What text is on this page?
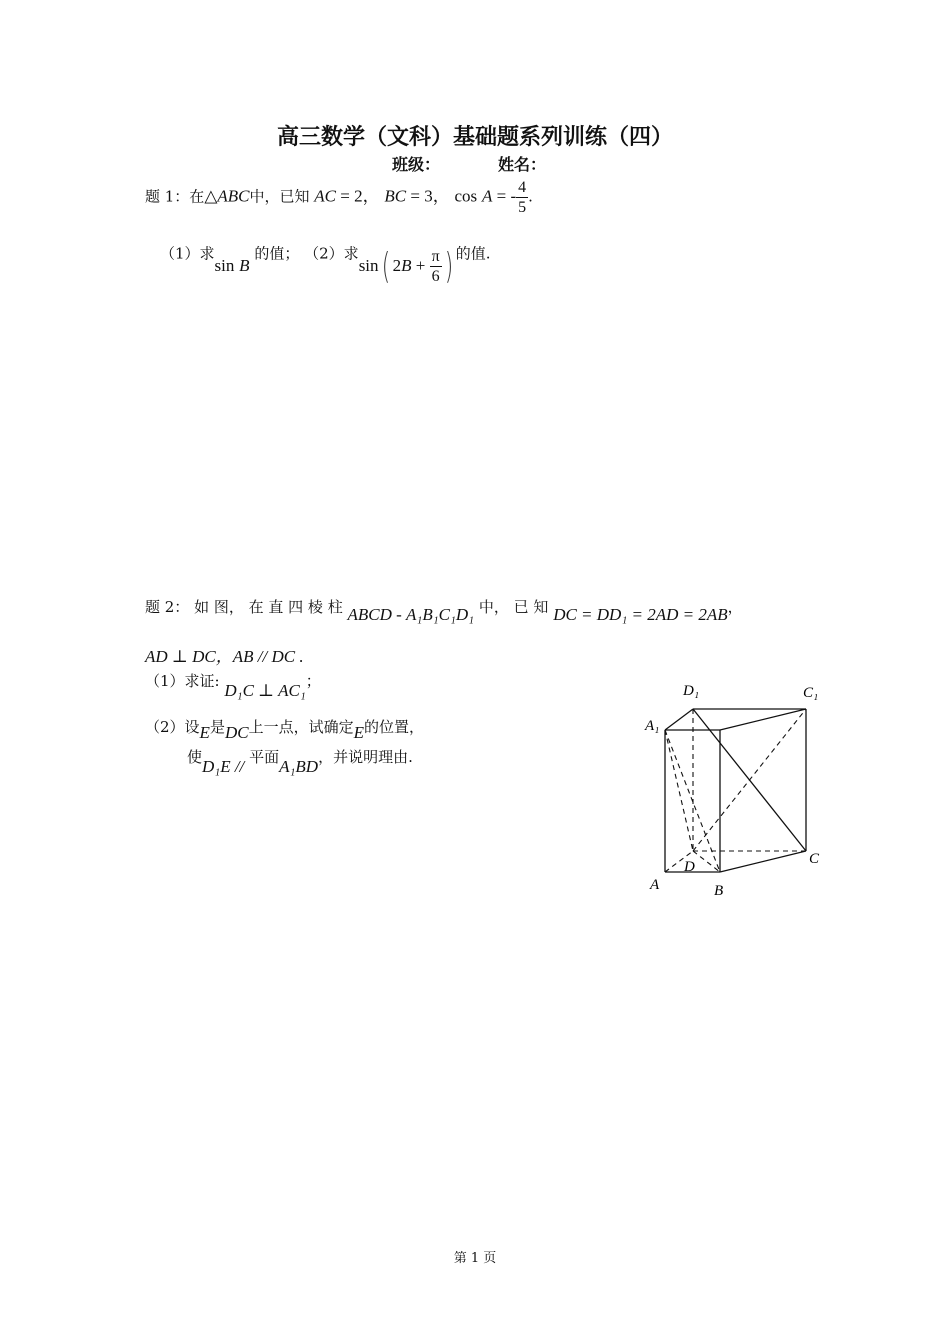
高三数学（文科）基础题系列训练（四）
班级：	姓名：
题 1：在△ABC中，已知 AC = 2， BC = 3， cos A = - $\frac{4}{5}$ .
（1）求sin B 的值； （2）求sin( $2B + \frac{\pi}{6}$ ) 的值.
题 2： 如 图， 在 直 四 棱 柱 ABCD - A₁B₁C₁D₁ 中， 已 知 DC = DD₁ = 2AD = 2AB，
AD ⊥ DC，AB // DC .
（1）求证: D₁C ⊥ AC₁；
（2）设E是DC上一点，试确定E的位置，
使D₁E // 平面A₁BD，并说明理由.
D₁	C₁
A₁
D	C
A	B
第 1 页
